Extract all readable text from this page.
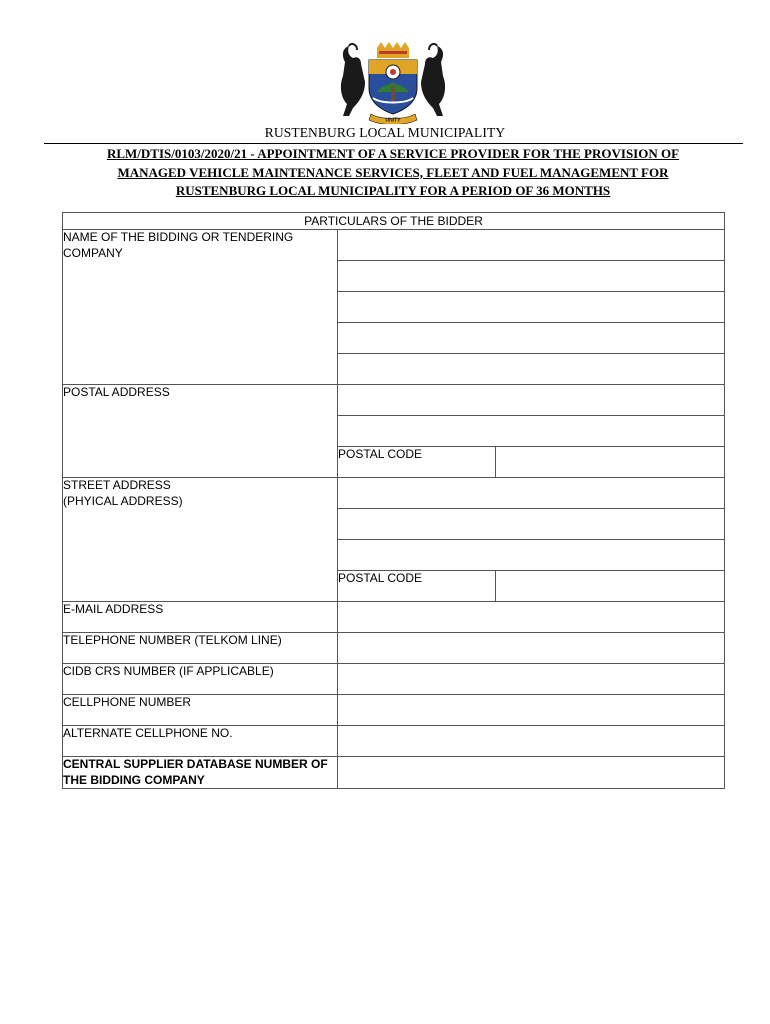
UNITY
RUSTENBURG LOCAL MUNICIPALITY
RLM/DTIS/0103/2020/21 - APPOINTMENT OF A SERVICE PROVIDER FOR THE PROVISION OF
MANAGED VEHICLE MAINTENANCE SERVICES, FLEET AND FUEL MANAGEMENT FOR
RUSTENBURG LOCAL MUNICIPALITY FOR A PERIOD OF 36 MONTHS
PARTICULARS OF THE BIDDER		
NAME OF THE BIDDING OR TENDERING COMPANY		

POSTAL ADDRESS		

	POSTAL CODE	

STREET ADDRESS
(PHYICAL ADDRESS)		

	POSTAL CODE	
E-MAIL ADDRESS		
TELEPHONE NUMBER (TELKOM LINE)		
CIDB CRS NUMBER (IF APPLICABLE)		
CELLPHONE NUMBER		
ALTERNATE CELLPHONE NO.		
CENTRAL SUPPLIER DATABASE NUMBER OF THE BIDDING COMPANY		
